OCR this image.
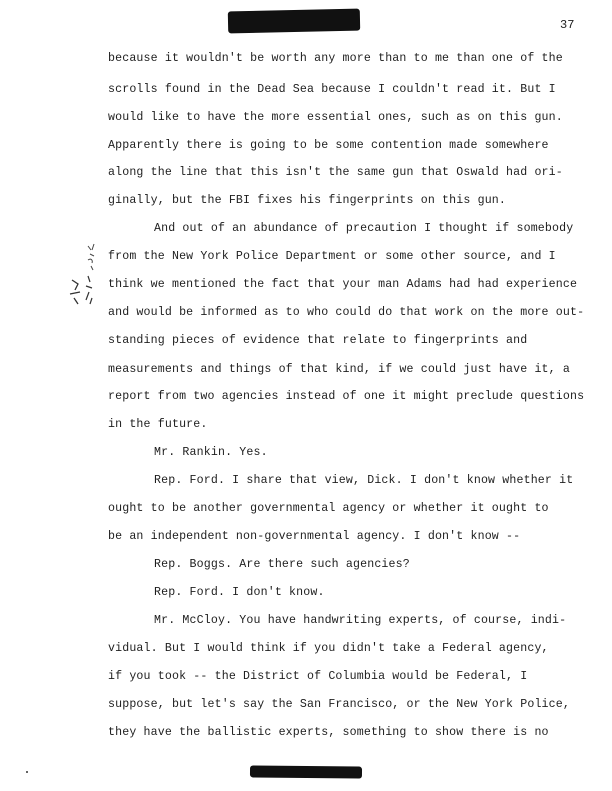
37
because it wouldn't be worth any more than to me than one of the
scrolls found in the Dead Sea because I couldn't read it. But I
would like to have the more essential ones, such as on this gun.
Apparently there is going to be some contention made somewhere
along the line that this isn't the same gun that Oswald had ori-
ginally, but the FBI fixes his fingerprints on this gun.
And out of an abundance of precaution I thought if somebody
from the New York Police Department or some other source, and I
think we mentioned the fact that your man Adams had had experience
and would be informed as to who could do that work on the more out-
standing pieces of evidence that relate to fingerprints and
measurements and things of that kind, if we could just have it, a
report from two agencies instead of one it might preclude questions
in the future.
Mr. Rankin. Yes.
Rep. Ford. I share that view, Dick. I don't know whether it
ought to be another governmental agency or whether it ought to
be an independent non-governmental agency. I don't know --
Rep. Boggs. Are there such agencies?
Rep. Ford. I don't know.
Mr. McCloy. You have handwriting experts, of course, indi-
vidual. But I would think if you didn't take a Federal agency,
if you took -- the District of Columbia would be Federal, I
suppose, but let's say the San Francisco, or the New York Police,
they have the ballistic experts, something to show there is no
